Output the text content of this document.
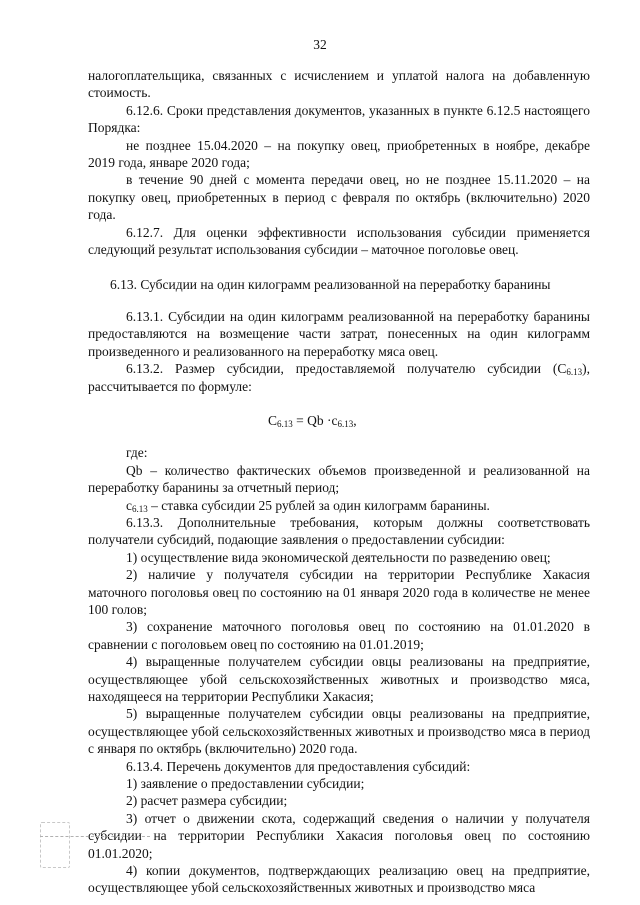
32

налогоплательщика, связанных с исчислением и уплатой налога на добавленную стоимость.

6.12.6. Сроки представления документов, указанных в пункте 6.12.5 настоящего Порядка:

не позднее 15.04.2020 – на покупку овец, приобретенных в ноябре, декабре 2019 года, январе 2020 года;

в течение 90 дней с момента передачи овец, но не позднее 15.11.2020 – на покупку овец, приобретенных в период с февраля по октябрь (включительно) 2020 года.

6.12.7. Для оценки эффективности использования субсидии применяется следующий результат использования субсидии – маточное поголовье овец.

6.13. Субсидии на один килограмм реализованной на переработку баранины

6.13.1. Субсидии на один килограмм реализованной на переработку баранины предоставляются на возмещение части затрат, понесенных на один килограмм произведенного и реализованного на переработку мяса овец.

6.13.2. Размер субсидии, предоставляемой получателю субсидии $(С_{6.13})$, рассчитывается по формуле:

$C_{6.13} = Qb \cdot c_{6.13}$,

где:

Qb – количество фактических объемов произведенной и реализованной на переработку баранины за отчетный период;

$c_{6.13}$ – ставка субсидии 25 рублей за один килограмм баранины.

6.13.3. Дополнительные требования, которым должны соответствовать получатели субсидий, подающие заявления о предоставлении субсидии:

1) осуществление вида экономической деятельности по разведению овец;

2) наличие у получателя субсидии на территории Республике Хакасия маточного поголовья овец по состоянию на 01 января 2020 года в количестве не менее 100 голов;

3) сохранение маточного поголовья овец по состоянию на 01.01.2020 в сравнении с поголовьем овец по состоянию на 01.01.2019;

4) выращенные получателем субсидии овцы реализованы на предприятие, осуществляющее убой сельскохозяйственных животных и производство мяса, находящееся на территории Республики Хакасия;

5) выращенные получателем субсидии овцы реализованы на предприятие, осуществляющее убой сельскохозяйственных животных и производство мяса в период с января по октябрь (включительно) 2020 года.

6.13.4. Перечень документов для предоставления субсидий:

1) заявление о предоставлении субсидии;

2) расчет размера субсидии;

3) отчет о движении скота, содержащий сведения о наличии у получателя субсидии на территории Республики Хакасия поголовья овец по состоянию 01.01.2020;

4) копии документов, подтверждающих реализацию овец на предприятие, осуществляющее убой сельскохозяйственных животных и производство мяса
